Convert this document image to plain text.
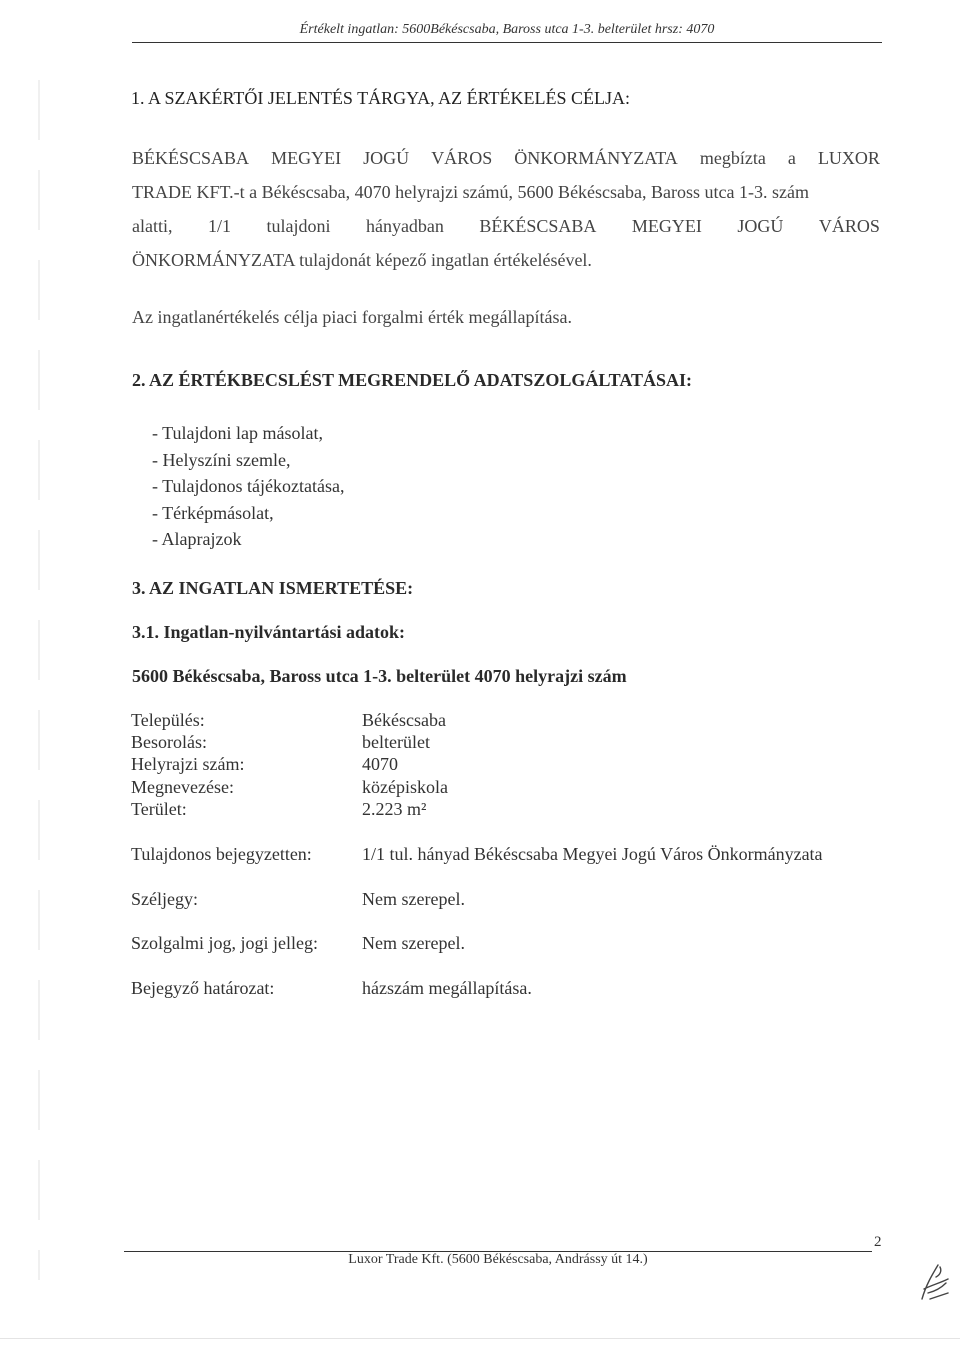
Értékelt ingatlan: 5600Békéscsaba, Baross utca 1-3. belterület hrsz: 4070
1. A SZAKÉRTŐI JELENTÉS TÁRGYA, AZ ÉRTÉKELÉS CÉLJA:
BÉKÉSCSABA MEGYEI JOGÚ VÁROS ÖNKORMÁNYZATA megbízta a LUXOR
TRADE KFT.-t a Békéscsaba, 4070 helyrajzi számú, 5600 Békéscsaba, Baross utca 1-3. szám
alatti, 1/1 tulajdoni hányadban BÉKÉSCSABA MEGYEI JOGÚ VÁROS
ÖNKORMÁNYZATA tulajdonát képező ingatlan értékelésével.
Az ingatlanértékelés célja piaci forgalmi érték megállapítása.
2. AZ ÉRTÉKBECSLÉST MEGRENDELŐ ADATSZOLGÁLTATÁSAI:
- Tulajdoni lap másolat,
- Helyszíni szemle,
- Tulajdonos tájékoztatása,
- Térképmásolat,
- Alaprajzok
3. AZ INGATLAN ISMERTETÉSE:
3.1. Ingatlan-nyilvántartási adatok:
5600 Békéscsaba, Baross utca 1-3. belterület 4070 helyrajzi szám
Település:	Békéscsaba
Besorolás:	belterület
Helyrajzi szám:	4070
Megnevezése:	középiskola
Terület:	2.223 m²
Tulajdonos bejegyzetten:	1/1 tul. hányad Békéscsaba Megyei Jogú Város Önkormányzata
Széljegy:	Nem szerepel.
Szolgalmi jog, jogi jelleg: Nem szerepel.
Bejegyző határozat:	házszám megállapítása.
2
Luxor Trade Kft. (5600 Békéscsaba, Andrássy út 14.)
